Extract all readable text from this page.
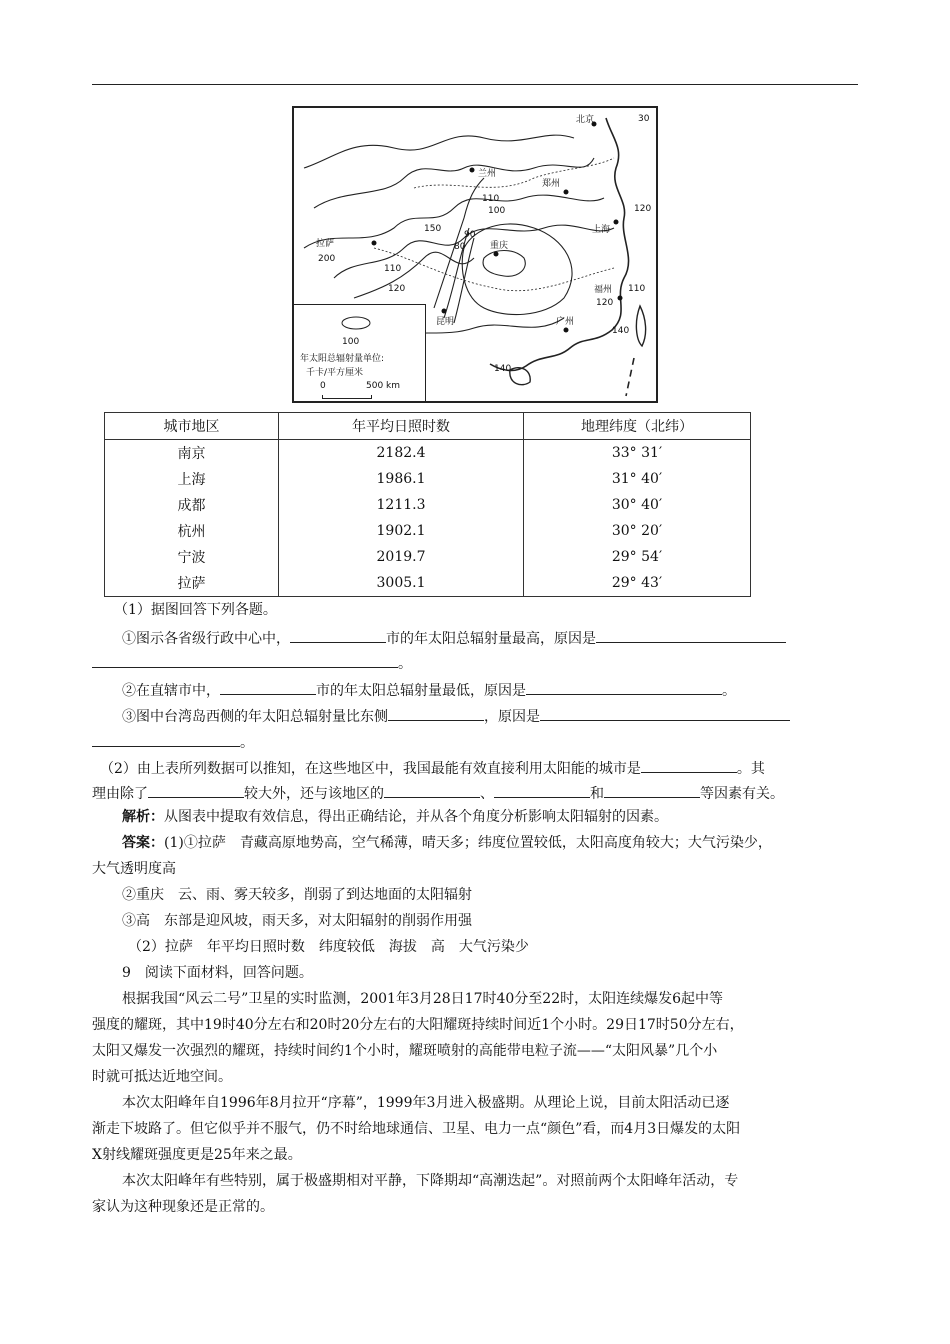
北京
兰州
郑州
上海
拉萨	重庆
昆明
福州
广州
30
120
110
100
150
200
110
120
90
80
120
110
140
140
100
年太阳总辐射量单位:
千卡/平方厘米
0	500 km
城市地区	年平均日照时数	地理纬度（北纬）
南京	2182.4	33° 31′
上海	1986.1	31° 40′
成都	1211.3	30° 40′
杭州	1902.1	30° 20′
宁波	2019.7	29° 54′
拉萨	3005.1	29° 43′
（1）据图回答下列各题。
①图示各省级行政中心中，	市的年太阳总辐射量最高，原因是
。
②在直辖市中，	市的年太阳总辐射量最低，原因是	。
③图中台湾岛西侧的年太阳总辐射量比东侧	，原因是
。
（2）由上表所列数据可以推知，在这些地区中，我国最能有效直接利用太阳能的城市是	。其
理由除了	较大外，还与该地区的	、	和	等因素有关。
解析：从图表中提取有效信息，得出正确结论，并从各个角度分析影响太阳辐射的因素。
答案：(1)①拉萨　青藏高原地势高，空气稀薄，晴天多；纬度位置较低，太阳高度角较大；大气污染少，
大气透明度高
②重庆　云、雨、雾天较多，削弱了到达地面的太阳辐射
③高　东部是迎风坡，雨天多，对太阳辐射的削弱作用强
（2）拉萨　年平均日照时数　纬度较低　海拔　高　大气污染少
9　阅读下面材料，回答问题。
根据我国“风云二号”卫星的实时监测，2001年3月28日17时40分至22时，太阳连续爆发6起中等
强度的耀斑，其中19时40分左右和20时20分左右的大阳耀斑持续时间近1个小时。29日17时50分左右，
太阳又爆发一次强烈的耀斑，持续时间约1个小时，耀斑喷射的高能带电粒子流——“太阳风暴”几个小
时就可抵达近地空间。
本次太阳峰年自1996年8月拉开“序幕”，1999年3月进入极盛期。从理论上说，目前太阳活动已逐
渐走下坡路了。但它似乎并不服气，仍不时给地球通信、卫星、电力一点“颜色”看，而4月3日爆发的太阳
X射线耀斑强度更是25年来之最。
本次太阳峰年有些特别，属于极盛期相对平静，下降期却“高潮迭起”。对照前两个太阳峰年活动，专
家认为这种现象还是正常的。
